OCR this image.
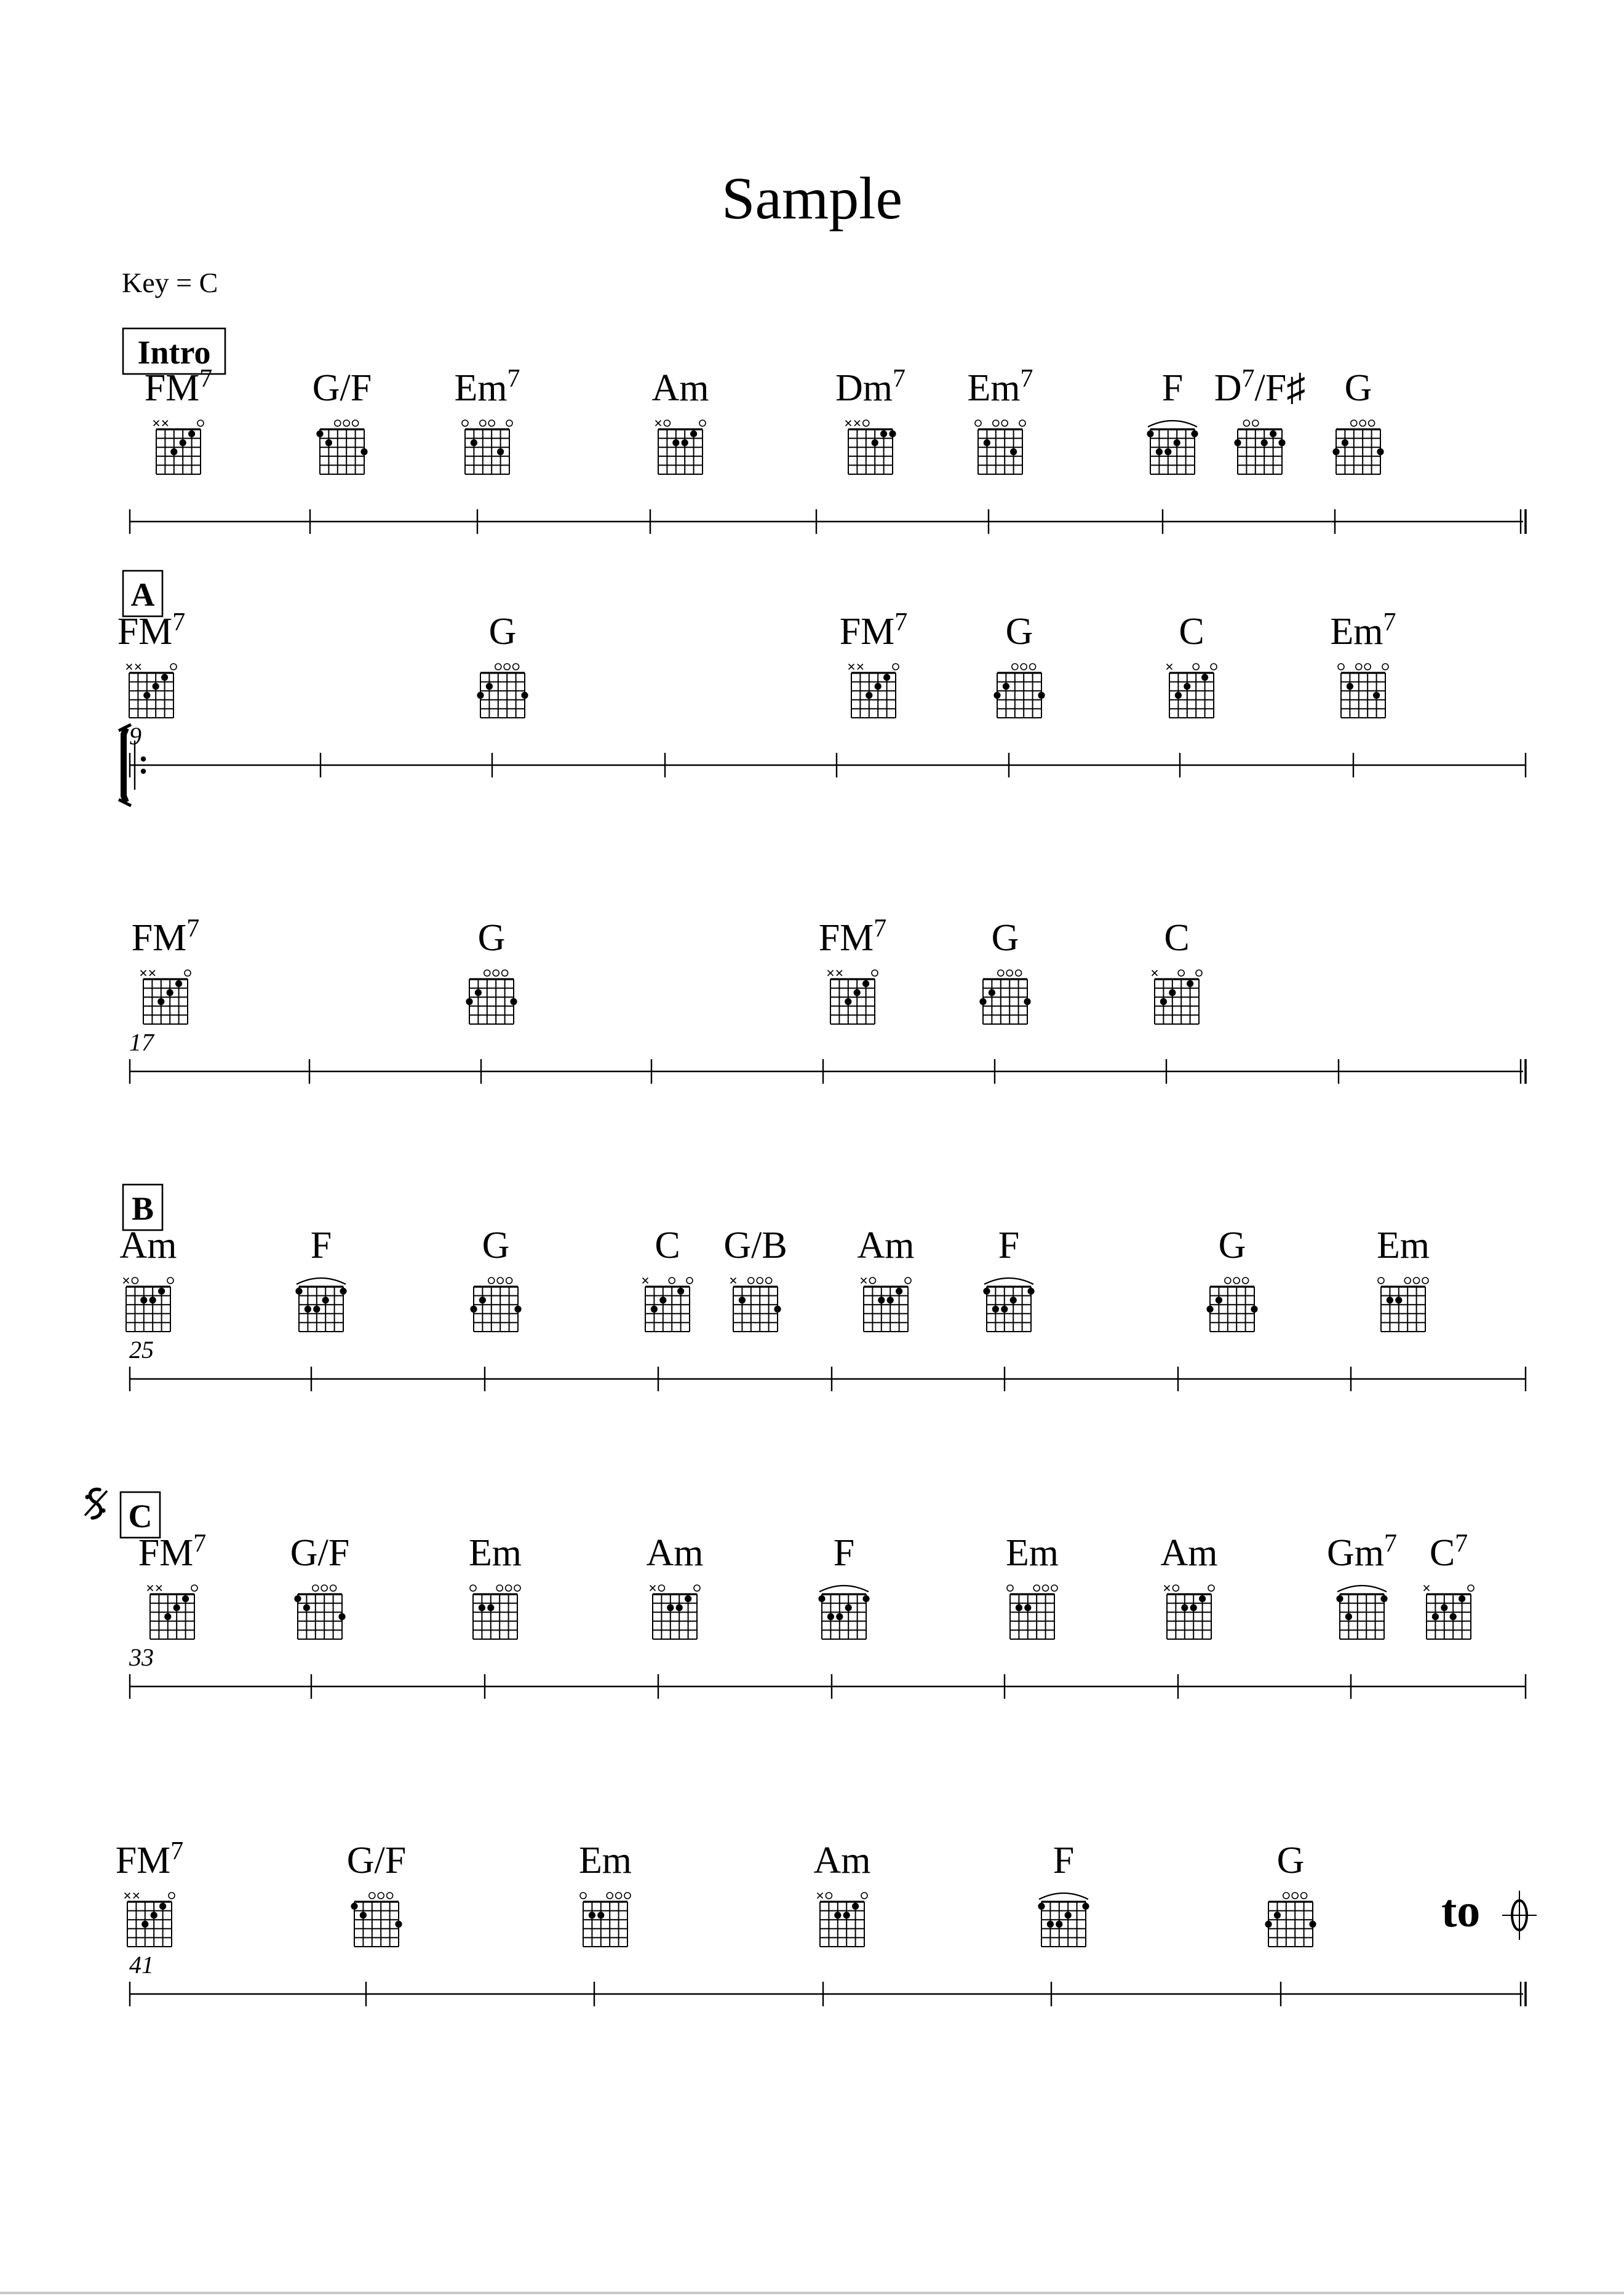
Sample
Key = C
Intro
$FM^7$	G/F Em$^7$	Am	Dm$^7$ Em$^7$	F $D^7/F♯$ G
A
$FM^7$	G	$FM^7$	G	C	Em$^7$
9
$FM^7$	G	$FM^7$	G	C
17
B
Am	F	G	C G/B Am F	G	Em
25
C
$FM^7$ G/F	Em	Am	F	Em	Am	Gm$^7$ $C^7$
33
$FM^7$	G/F	Em	Am	F	G
41
to
